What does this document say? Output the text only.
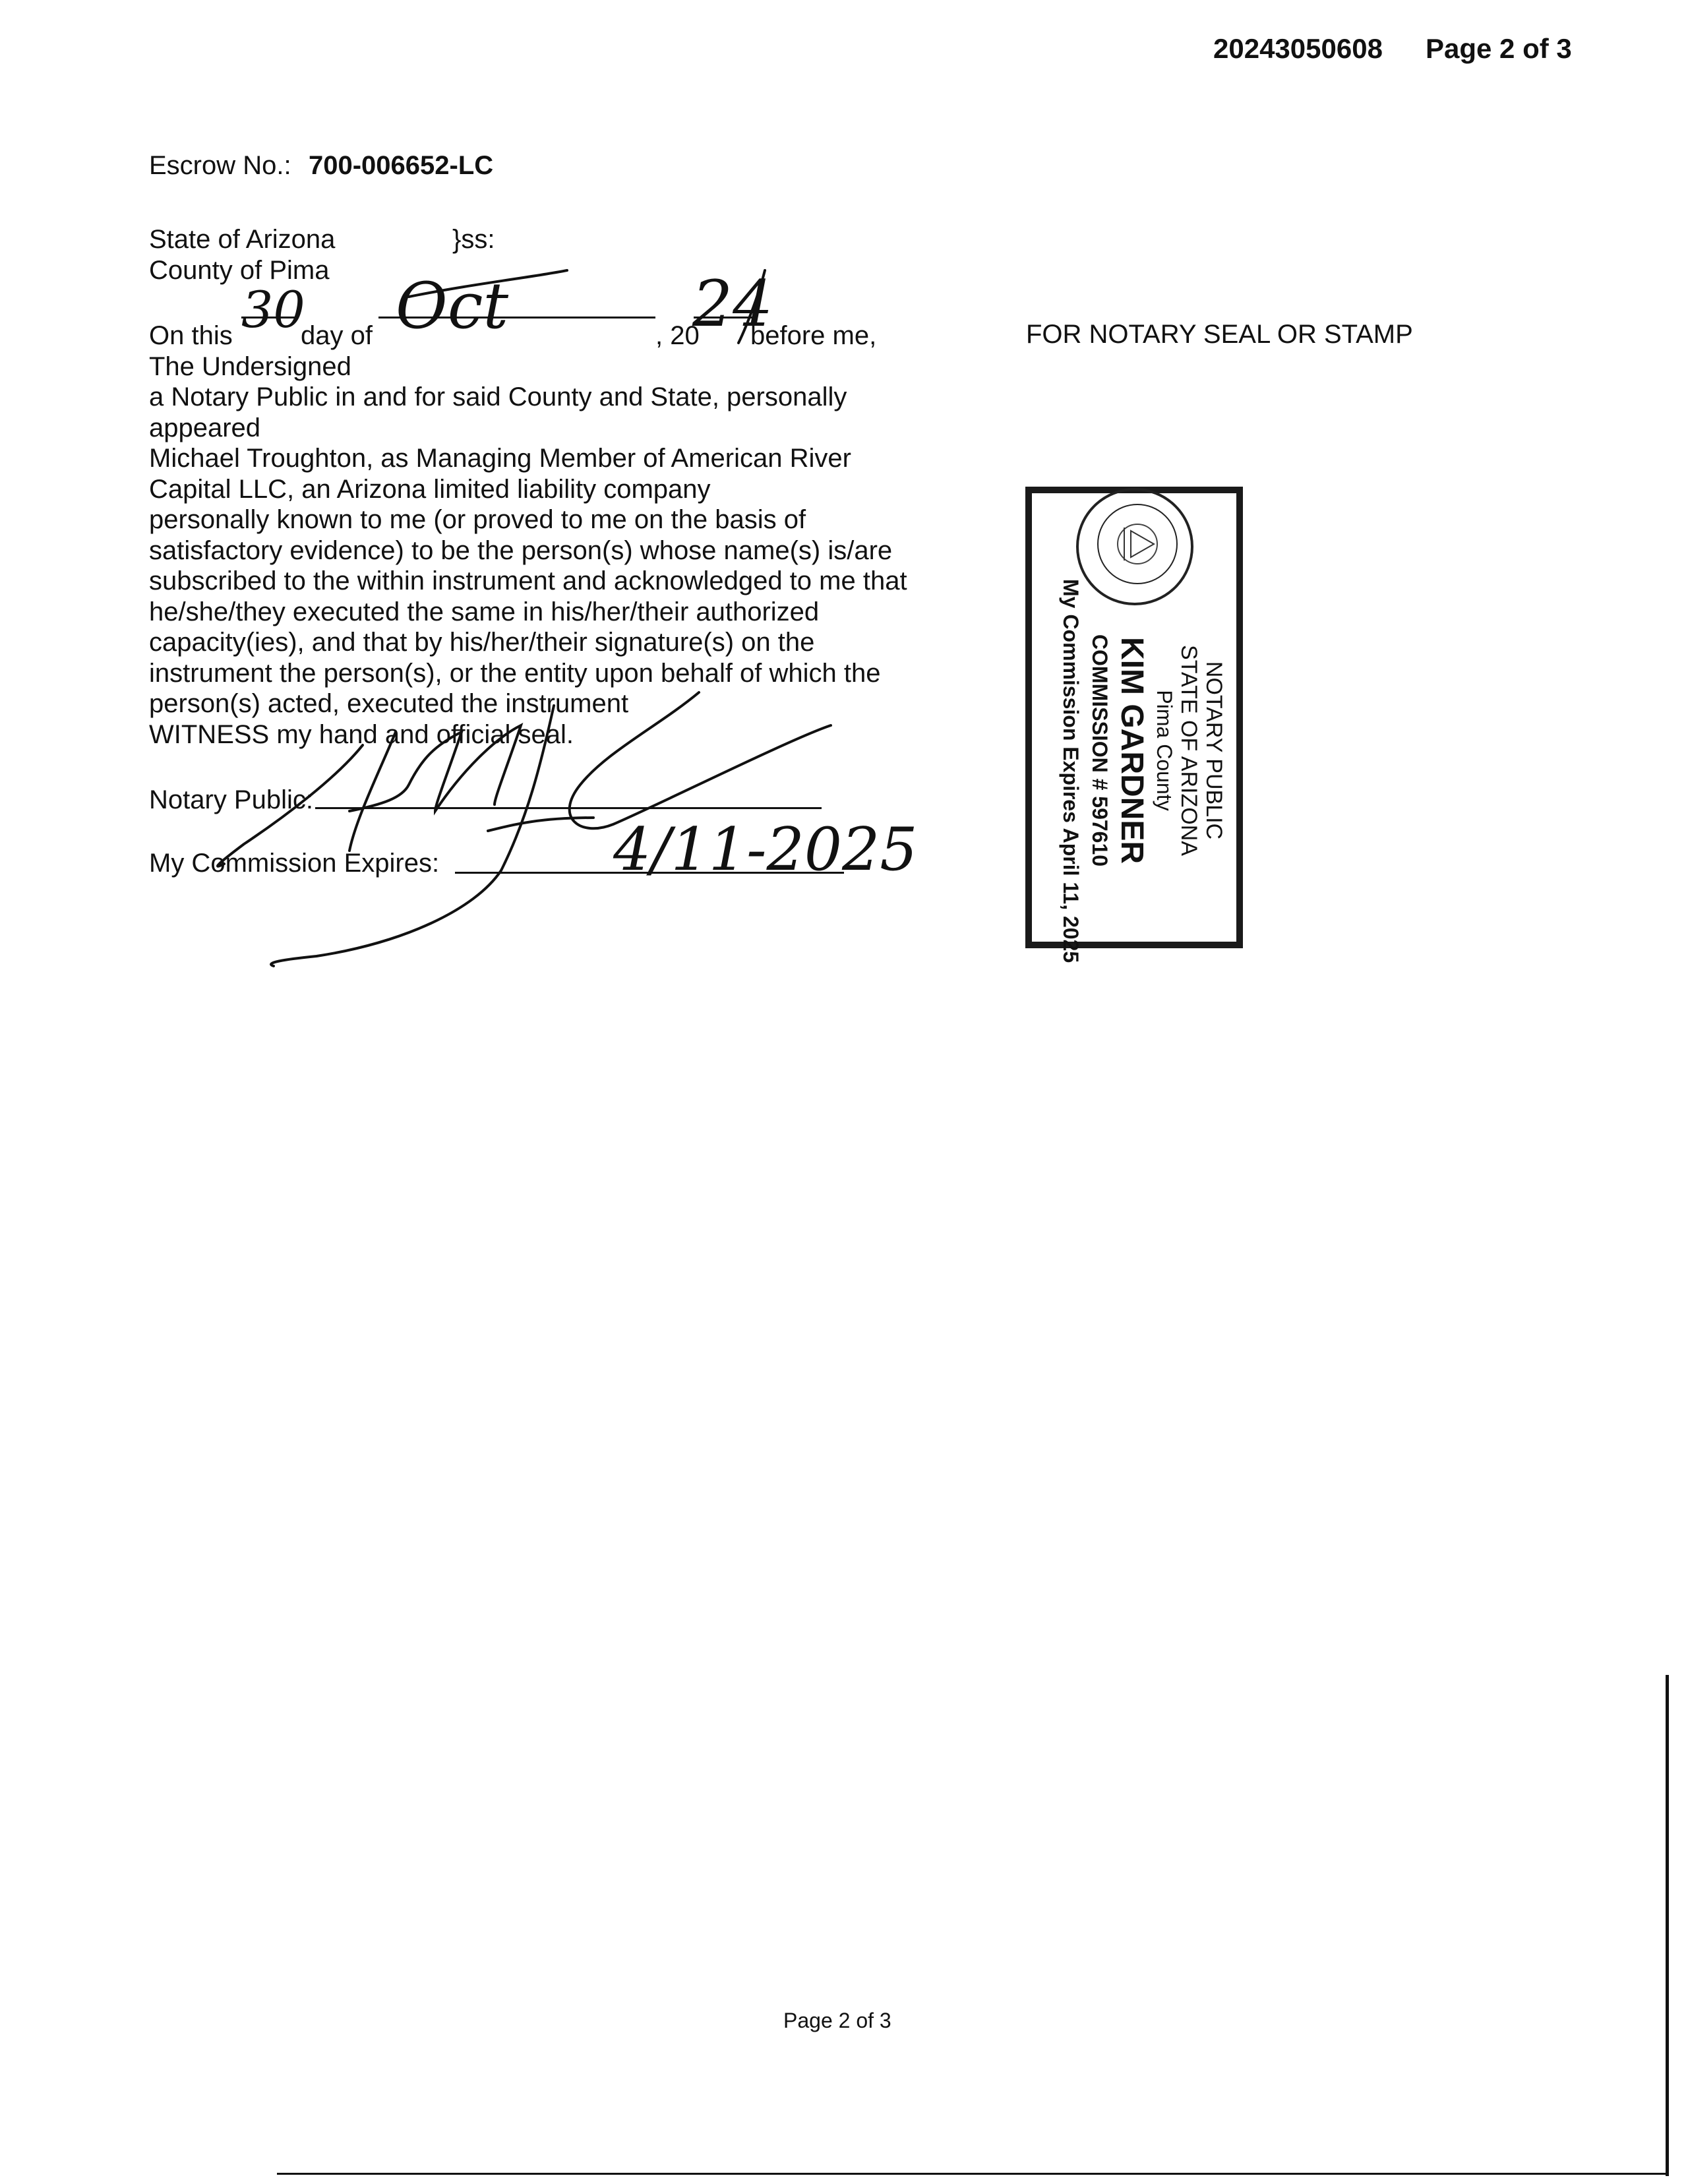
20243050608 Page 2 of 3
Escrow No.: 700-006652-LC
State of Arizona	}ss:
County of Pima
On this 30
day of Oct	, 20
24
before me,
The Undersigned
a Notary Public in and for said County and State, personally
appeared
Michael Troughton, as Managing Member of American River
Capital LLC, an Arizona limited liability company
personally known to me (or proved to me on the basis of
satisfactory evidence) to be the person(s) whose name(s) is/are
subscribed to the within instrument and acknowledged to me that
he/she/they executed the same in his/her/their authorized
capacity(ies), and that by his/her/their signature(s) on the
instrument the person(s), or the entity upon behalf of which the
person(s) acted, executed the instrument
WITNESS my hand and official seal.
Notary Public:
My Commission Expires:	4/11-2025
FOR NOTARY SEAL OR STAMP
NOTARY PUBLIC
STATE OF ARIZONA
Pima County
KIM GARDNER
COMMISSION # 597610
My Commission Expires April 11, 2025
Page 2 of 3
